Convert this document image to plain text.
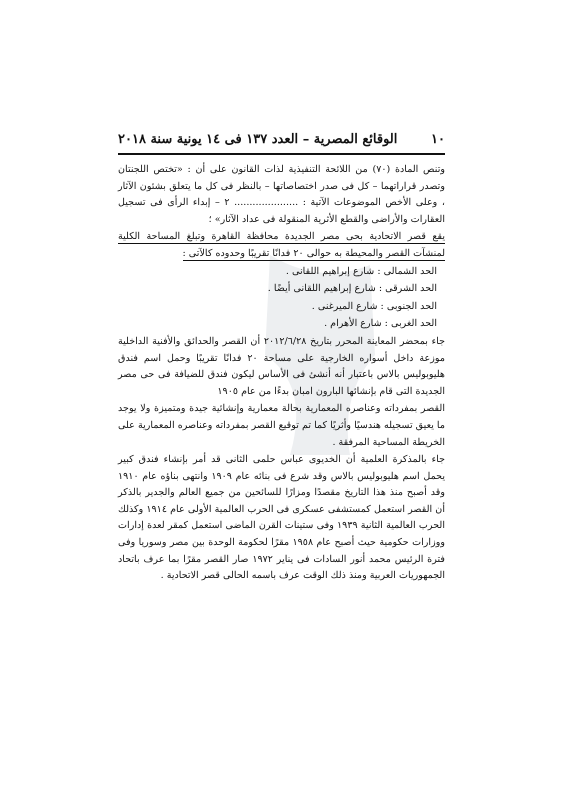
١٠
الوقائع المصرية – العدد ١٣٧ فى ١٤ يونية سنة ٢٠١٨

وتنص المادة (٧٠) من اللائحة التنفيذية لذات القانون على أن : «تختص اللجنتان وتصدر قراراتهما – كل فى صدر اختصاصاتها – بالنظر فى كل ما يتعلق بشئون الآثار ، وعلى الأخص الموضوعات الآتية : ..................... ٢ – إبداء الرأى فى تسجيل العقارات والأراضى والقطع الأثرية المنقولة فى عداد الآثار» ؛

يقع قصر الاتحادية بحى مصر الجديدة محافظة القاهرة وتبلغ المساحة الكلية لمنشآت القصر والمحيطة به حوالى ٢٠ فدانًا تقريبًا وحدوده كالآتى :

الحد الشمالى : شارع إبراهيم اللقانى .

الحد الشرقى : شارع إبراهيم اللقانى أيضًا .

الحد الجنوبى : شارع الميرغنى .

الحد الغربى : شارع الأهرام .

جاء بمحضر المعاينة المحرر بتاريخ ٢٠١٢/٦/٢٨ أن القصر والحدائق والأفنية الداخلية موزعة داخل أسواره الخارجية على مساحة ٢٠ فدانًا تقريبًا وحمل اسم فندق هليوبوليس بالاس باعتبار أنه أنشئ فى الأساس ليكون فندق للضيافة فى حى مصر الجديدة التى قام بإنشائها البارون امبان بدءًا من عام ١٩٠٥

القصر بمفرداته وعناصره المعمارية بحالة معمارية وإنشائية جيدة ومتميزة ولا يوجد ما يعيق تسجيله هندسيًا وأثريًا كما تم توقيع القصر بمفرداته وعناصره المعمارية على الخريطة المساحية المرفقة .

جاء بالمذكرة العلمية أن الخديوى عباس حلمى الثانى قد أمر بإنشاء فندق كبير يحمل اسم هليوبوليس بالاس وقد شرع فى بنائه عام ١٩٠٩ وانتهى بناؤه عام ١٩١٠ وقد أصبح منذ هذا التاريخ مقصدًا ومزارًا للسائحين من جميع العالم والجدير بالذكر أن القصر استعمل كمستشفى عسكرى فى الحرب العالمية الأولى عام ١٩١٤ وكذلك الحرب العالمية الثانية ١٩٣٩ وفى ستينات القرن الماضى استعمل كمقر لعدة إدارات ووزارات حكومية حيث أصبح عام ١٩٥٨ مقرًا لحكومة الوحدة بين مصر وسوريا وفى فترة الرئيس محمد أنور السادات فى يناير ١٩٧٢ صار القصر مقرًا بما عرف باتحاد الجمهوريات العربية ومنذ ذلك الوقت عرف باسمه الحالى قصر الاتحادية .
